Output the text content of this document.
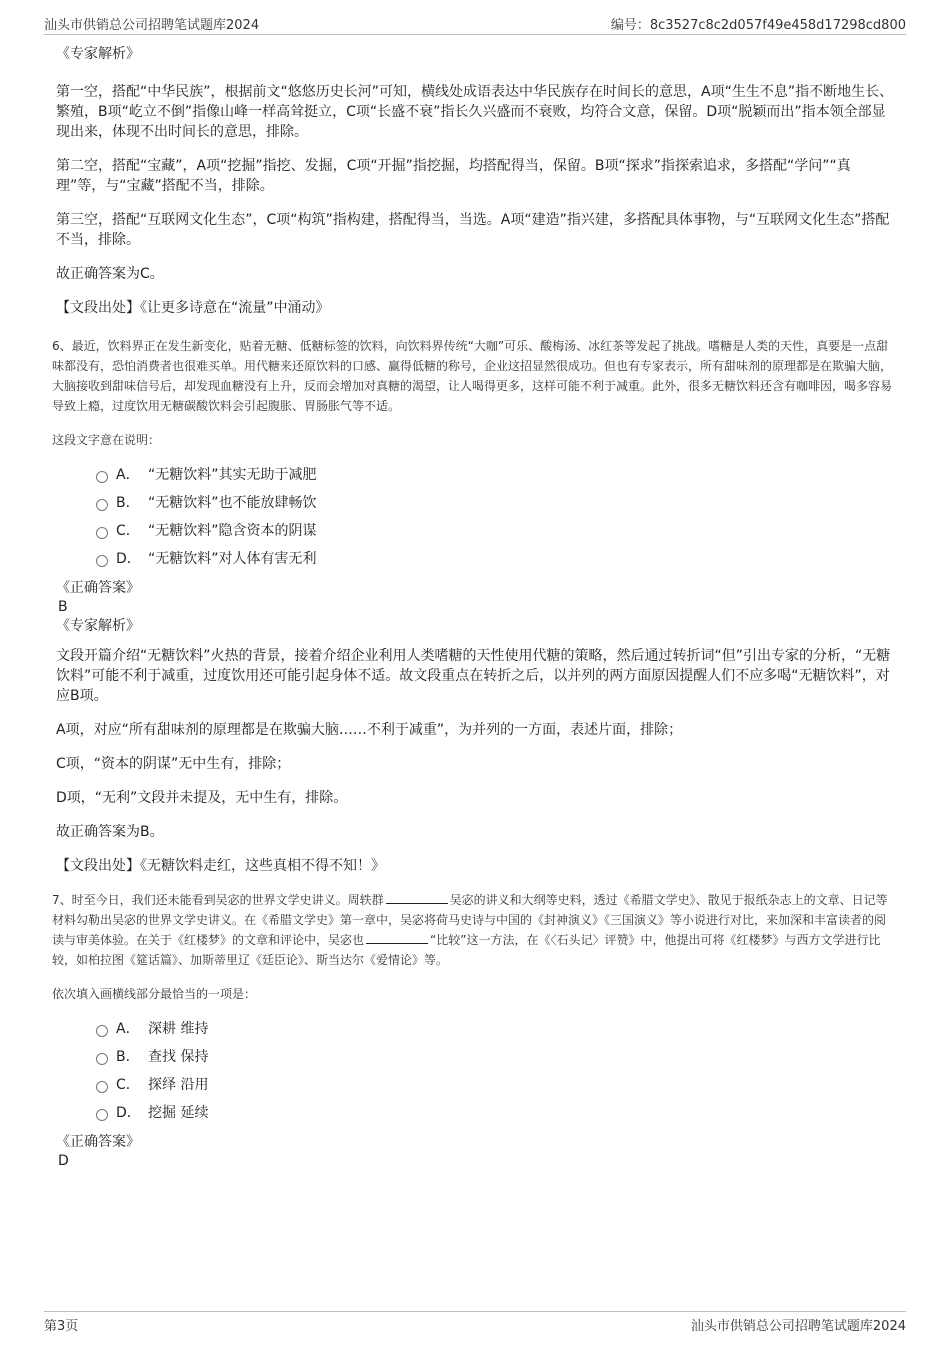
汕头市供销总公司招聘笔试题库2024	编号：8c3527c8c2d057f49e458d17298cd800

《专家解析》

第一空，搭配“中华民族”，根据前文“悠悠历史长河”可知，横线处成语表达中华民族存在时间长的意思，A项“生生不息”指不断地生长、繁殖，B项“屹立不倒”指像山峰一样高耸挺立，C项“长盛不衰”指长久兴盛而不衰败，均符合文意，保留。D项“脱颖而出”指本领全部显现出来，体现不出时间长的意思，排除。

第二空，搭配“宝藏”，A项“挖掘”指挖、发掘，C项“开掘”指挖掘，均搭配得当，保留。B项“探求”指探索追求，多搭配“学问”“真理”等，与“宝藏”搭配不当，排除。

第三空，搭配“互联网文化生态”，C项“构筑”指构建，搭配得当，当选。A项“建造”指兴建，多搭配具体事物，与“互联网文化生态”搭配不当，排除。

故正确答案为C。

【文段出处】《让更多诗意在“流量”中涌动》

6、最近，饮料界正在发生新变化，贴着无糖、低糖标签的饮料，向饮料界传统“大咖”可乐、酸梅汤、冰红茶等发起了挑战。嗜糖是人类的天性，真要是一点甜味都没有，恐怕消费者也很难买单。用代糖来还原饮料的口感、赢得低糖的称号，企业这招显然很成功。但也有专家表示，所有甜味剂的原理都是在欺骗大脑，大脑接收到甜味信号后，却发现血糖没有上升，反而会增加对真糖的渴望，让人喝得更多，这样可能不利于减重。此外，很多无糖饮料还含有咖啡因，喝多容易导致上瘾，过度饮用无糖碳酸饮料会引起腹胀、胃肠胀气等不适。

这段文字意在说明：

A． “无糖饮料”其实无助于减肥
B． “无糖饮料”也不能放肆畅饮
C． “无糖饮料”隐含资本的阴谋
D． “无糖饮料”对人体有害无利

《正确答案》

B

《专家解析》

文段开篇介绍“无糖饮料”火热的背景，接着介绍企业利用人类嗜糖的天性使用代糖的策略，然后通过转折词“但”引出专家的分析，“无糖饮料”可能不利于减重，过度饮用还可能引起身体不适。故文段重点在转折之后，以并列的两方面原因提醒人们不应多喝“无糖饮料”，对应B项。

A项，对应“所有甜味剂的原理都是在欺骗大脑……不利于减重”，为并列的一方面，表述片面，排除；

C项，“资本的阴谋”无中生有，排除；

D项，“无利”文段并未提及，无中生有，排除。

故正确答案为B。

【文段出处】《无糖饮料走红，这些真相不得不知！》

7、时至今日，我们还未能看到吴宓的世界文学史讲义。周轶群	吴宓的讲义和大纲等史料，透过《希腊文学史》、散见于报纸杂志上的文章、日记等材料勾勒出吴宓的世界文学史讲义。在《希腊文学史》第一章中，吴宓将荷马史诗与中国的《封神演义》《三国演义》等小说进行对比，来加深和丰富读者的阅读与审美体验。在关于《红楼梦》的文章和评论中，吴宓也	“比较”这一方法，在《〈石头记〉评赞》中，他提出可将《红楼梦》与西方文学进行比较，如柏拉图《筵话篇》、加斯蒂里辽《廷臣论》、斯当达尔《爱情论》等。

依次填入画横线部分最恰当的一项是：

A． 深耕 维持
B． 查找 保持
C． 探绎 沿用
D． 挖掘 延续

《正确答案》

D

第3页	汕头市供销总公司招聘笔试题库2024
